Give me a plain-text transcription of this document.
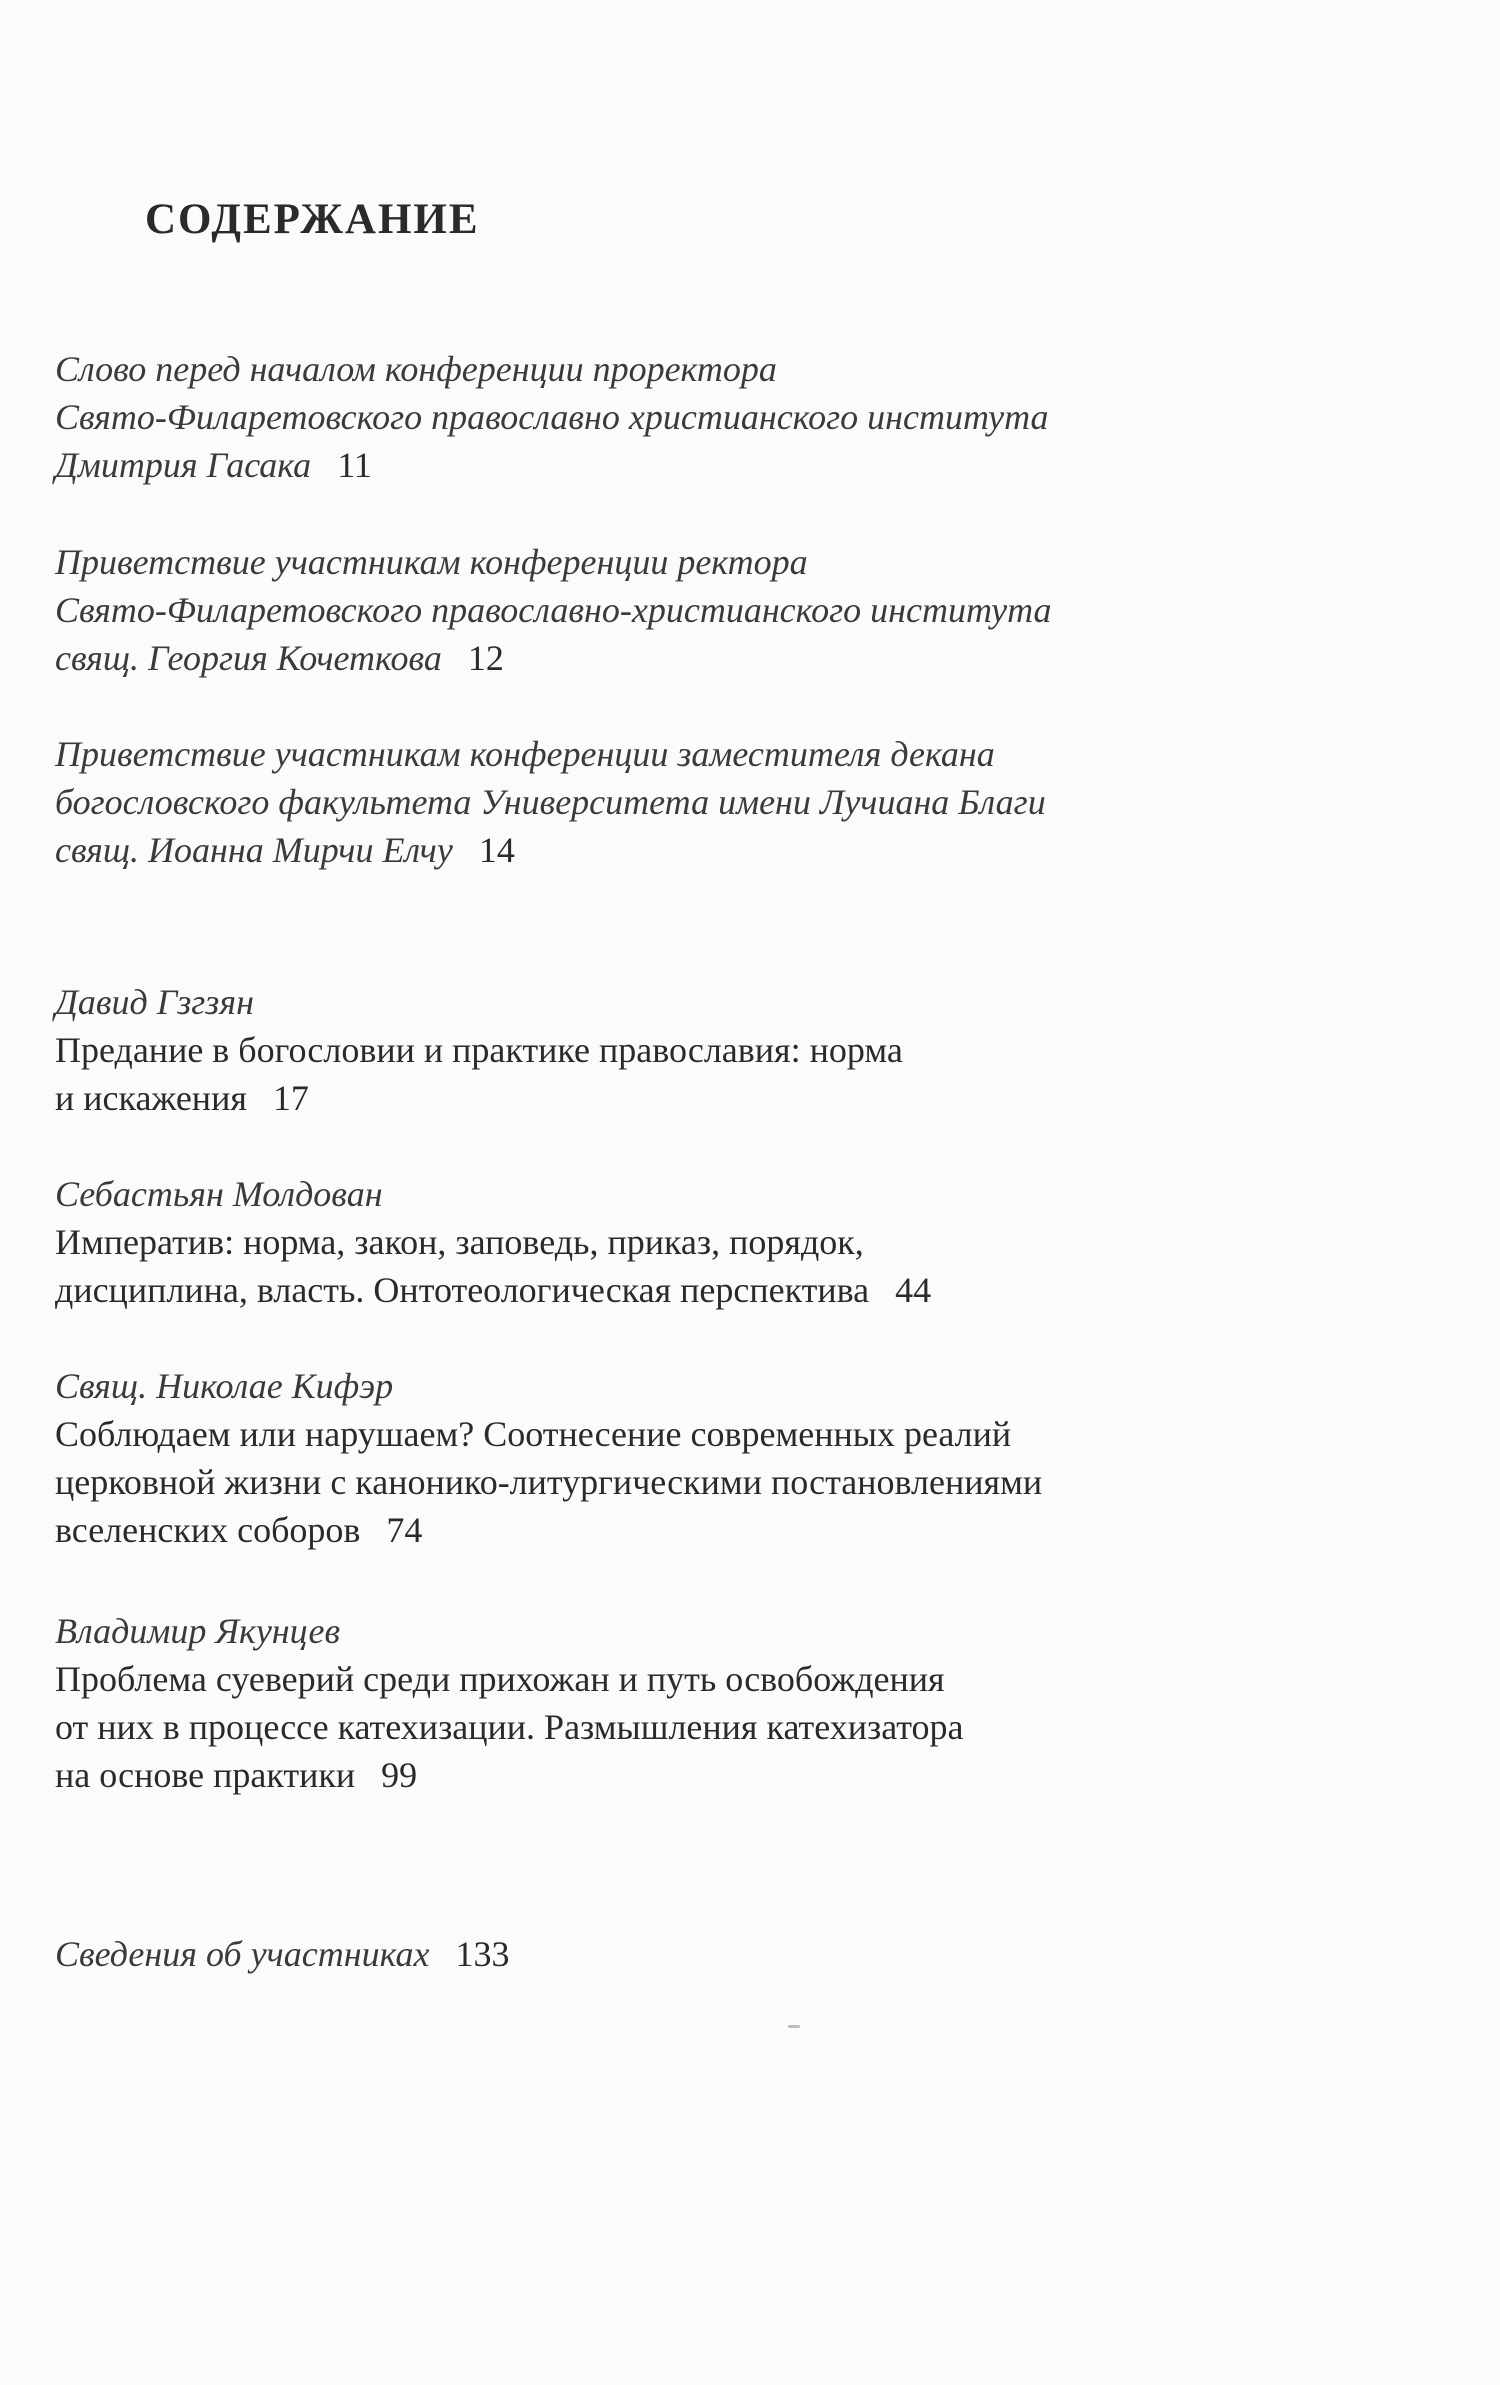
СОДЕРЖАНИЕ
Слово перед началом конференции проректора
Свято-Филаретовского православно христианского института
Дмитрия Гасака 11
Приветствие участникам конференции ректора
Свято-Филаретовского православно-христианского института
свящ. Георгия Кочеткова 12
Приветствие участникам конференции заместителя декана
богословского факультета Университета имени Лучиана Благи
свящ. Иоанна Мирчи Елчу 14
Давид Гзгзян
Предание в богословии и практике православия: норма
и искажения 17
Себастьян Молдован
Императив: норма, закон, заповедь, приказ, порядок,
дисциплина, власть. Онтотеологическая перспектива 44
Свящ. Николае Кифэр
Соблюдаем или нарушаем? Соотнесение современных реалий
церковной жизни с канонико-литургическими постановлениями
вселенских соборов 74
Владимир Якунцев
Проблема суеверий среди прихожан и путь освобождения
от них в процессе катехизации. Размышления катехизатора
на основе практики 99
Сведения об участниках 133
